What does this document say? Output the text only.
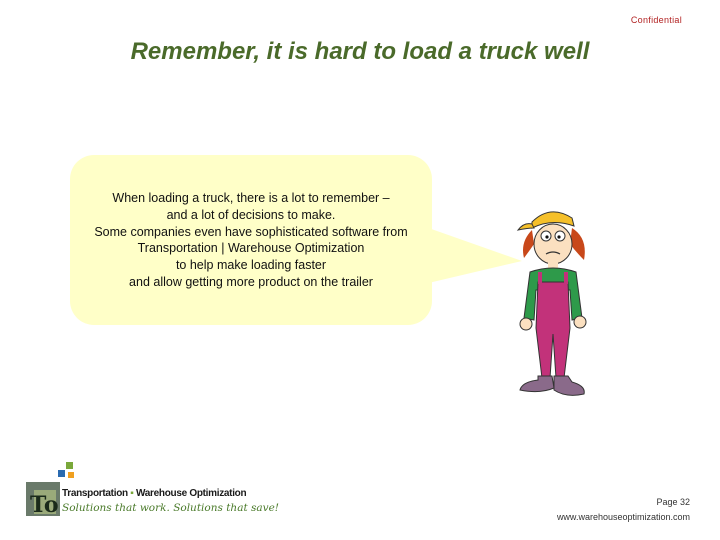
Confidential
Remember, it is hard to load a truck well
When loading a truck, there is a lot to remember –
and a lot of decisions to make.
Some companies even have sophisticated software from
Transportation | Warehouse Optimization
to help make loading faster
and allow getting more product on the trailer
To Transportation ▪ Warehouse Optimization
Solutions that work. Solutions that save!	Page 32
www.warehouseoptimization.com
